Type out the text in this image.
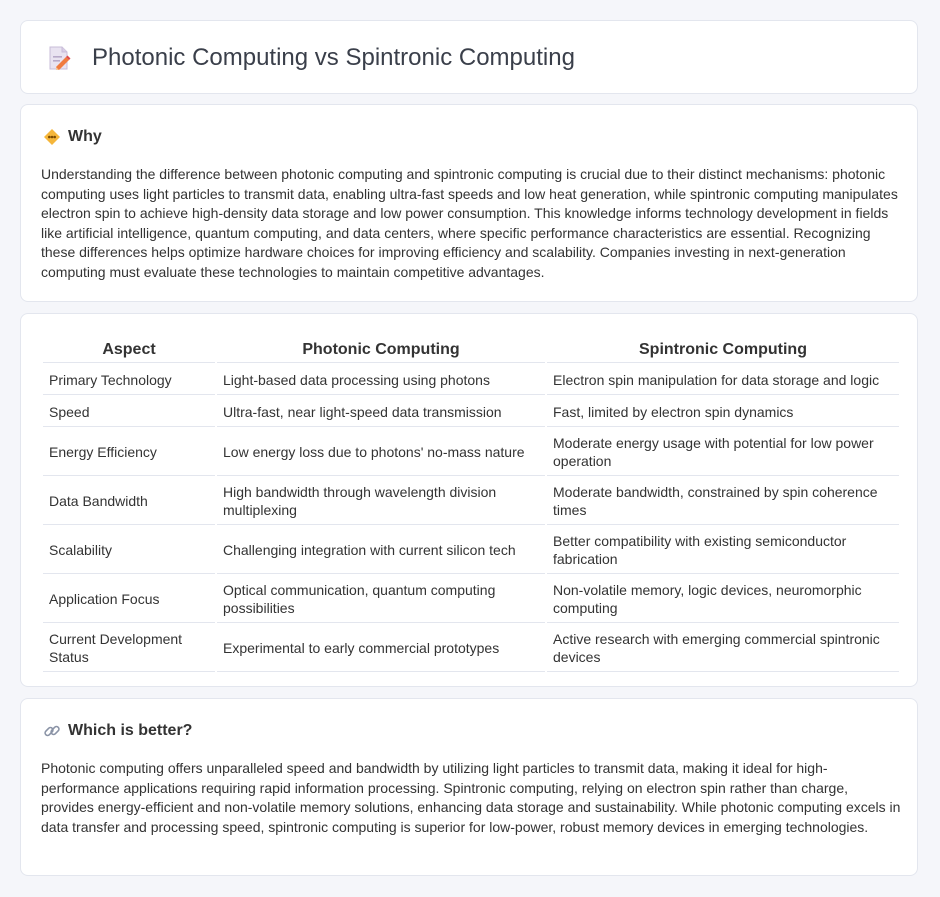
Photonic Computing vs Spintronic Computing
Why

Understanding the difference between photonic computing and spintronic computing is crucial due to their distinct mechanisms: photonic computing uses light particles to transmit data, enabling ultra-fast speeds and low heat generation, while spintronic computing manipulates electron spin to achieve high-density data storage and low power consumption. This knowledge informs technology development in fields like artificial intelligence, quantum computing, and data centers, where specific performance characteristics are essential. Recognizing these differences helps optimize hardware choices for improving efficiency and scalability. Companies investing in next-generation computing must evaluate these technologies to maintain competitive advantages.

Aspect	Photonic Computing	Spintronic Computing
Primary Technology	Light-based data processing using photons	Electron spin manipulation for data storage and logic
Speed	Ultra-fast, near light-speed data transmission	Fast, limited by electron spin dynamics
Energy Efficiency	Low energy loss due to photons' no-mass nature	Moderate energy usage with potential for low power operation
Data Bandwidth	High bandwidth through wavelength division multiplexing	Moderate bandwidth, constrained by spin coherence times
Scalability	Challenging integration with current silicon tech	Better compatibility with existing semiconductor fabrication
Application Focus	Optical communication, quantum computing possibilities	Non-volatile memory, logic devices, neuromorphic computing
Current Development Status	Experimental to early commercial prototypes	Active research with emerging commercial spintronic devices
Which is better?

Photonic computing offers unparalleled speed and bandwidth by utilizing light particles to transmit data, making it ideal for high-performance applications requiring rapid information processing. Spintronic computing, relying on electron spin rather than charge, provides energy-efficient and non-volatile memory solutions, enhancing data storage and sustainability. While photonic computing excels in data transfer and processing speed, spintronic computing is superior for low-power, robust memory devices in emerging technologies.
